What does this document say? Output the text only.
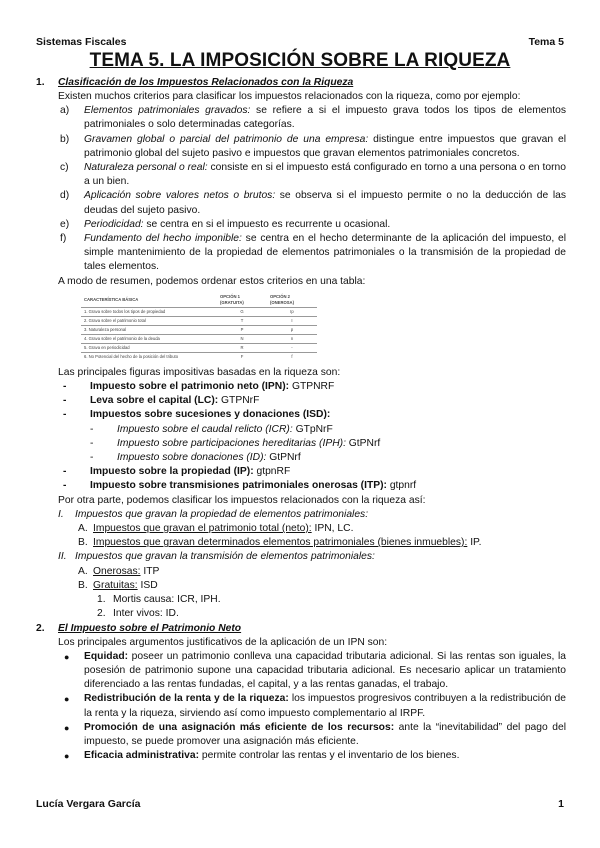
Sistemas Fiscales	Tema 5
TEMA 5. LA IMPOSICIÓN SOBRE LA RIQUEZA
1. Clasificación de los Impuestos Relacionados con la Riqueza
Existen muchos criterios para clasificar los impuestos relacionados con la riqueza, como por ejemplo:
a) Elementos patrimoniales gravados: se refiere a si el impuesto grava todos los tipos de elementos patrimoniales o solo determinadas categorías.
b) Gravamen global o parcial del patrimonio de una empresa: distingue entre impuestos que gravan el patrimonio global del sujeto pasivo e impuestos que gravan elementos patrimoniales concretos.
c) Naturaleza personal o real: consiste en si el impuesto está configurado en torno a una persona o en torno a un bien.
d) Aplicación sobre valores netos o brutos: se observa si el impuesto permite o no la deducción de las deudas del sujeto pasivo.
e) Periodicidad: se centra en si el impuesto es recurrente u ocasional.
f) Fundamento del hecho imponible: se centra en el hecho determinante de la aplicación del impuesto, el simple mantenimiento de la propiedad de elementos patrimoniales o la transmisión de la propiedad de tales elementos.
A modo de resumen, podemos ordenar estos criterios en una tabla:
CARACTERÍSTICA BÁSICA	OPCIÓN 1 (GRATUITA)	OPCIÓN 2 (ONEROSA)
1. Grava sobre todos los tipos de propiedad	G	Ip
2. Grava sobre el patrimonio total	T	I
3. Naturaleza personal	P	p
4. Grava sobre el patrimonio de la deuda	N	n
5. Grava en periodicidad	R	-
6. No Potencial del hecho de la posición del tributo	F	f
Las principales figuras impositivas basadas en la riqueza son:
- Impuesto sobre el patrimonio neto (IPN): GTPNRF
- Leva sobre el capital (LC): GTPNrF
- Impuestos sobre sucesiones y donaciones (ISD):
- Impuesto sobre el caudal relicto (ICR): GTpNrF
- Impuesto sobre participaciones hereditarias (IPH): GtPNrf
- Impuesto sobre donaciones (ID): GtPNrf
- Impuesto sobre la propiedad (IP): gtpnRF
- Impuesto sobre transmisiones patrimoniales onerosas (ITP): gtpnrf
Por otra parte, podemos clasificar los impuestos relacionados con la riqueza así:
I. Impuestos que gravan la propiedad de elementos patrimoniales:
A. Impuestos que gravan el patrimonio total (neto): IPN, LC.
B. Impuestos que gravan determinados elementos patrimoniales (bienes inmuebles): IP.
II. Impuestos que gravan la transmisión de elementos patrimoniales:
A. Onerosas: ITP
B. Gratuitas: ISD
1. Mortis causa: ICR, IPH.
2. Inter vivos: ID.
2. El Impuesto sobre el Patrimonio Neto
Los principales argumentos justificativos de la aplicación de un IPN son:
● Equidad: poseer un patrimonio conlleva una capacidad tributaria adicional. Si las rentas son iguales, la posesión de patrimonio supone una capacidad tributaria adicional. Es necesario aplicar un tratamiento diferenciado a las rentas fundadas, el capital, y a las rentas ganadas, el trabajo.
● Redistribución de la renta y de la riqueza: los impuestos progresivos contribuyen a la redistribución de la renta y la riqueza, sirviendo así como impuesto complementario al IRPF.
● Promoción de una asignación más eficiente de los recursos: ante la “inevitabilidad” del pago del impuesto, se puede promover una asignación más eficiente.
● Eficacia administrativa: permite controlar las rentas y el inventario de los bienes.
Lucía Vergara García	1
